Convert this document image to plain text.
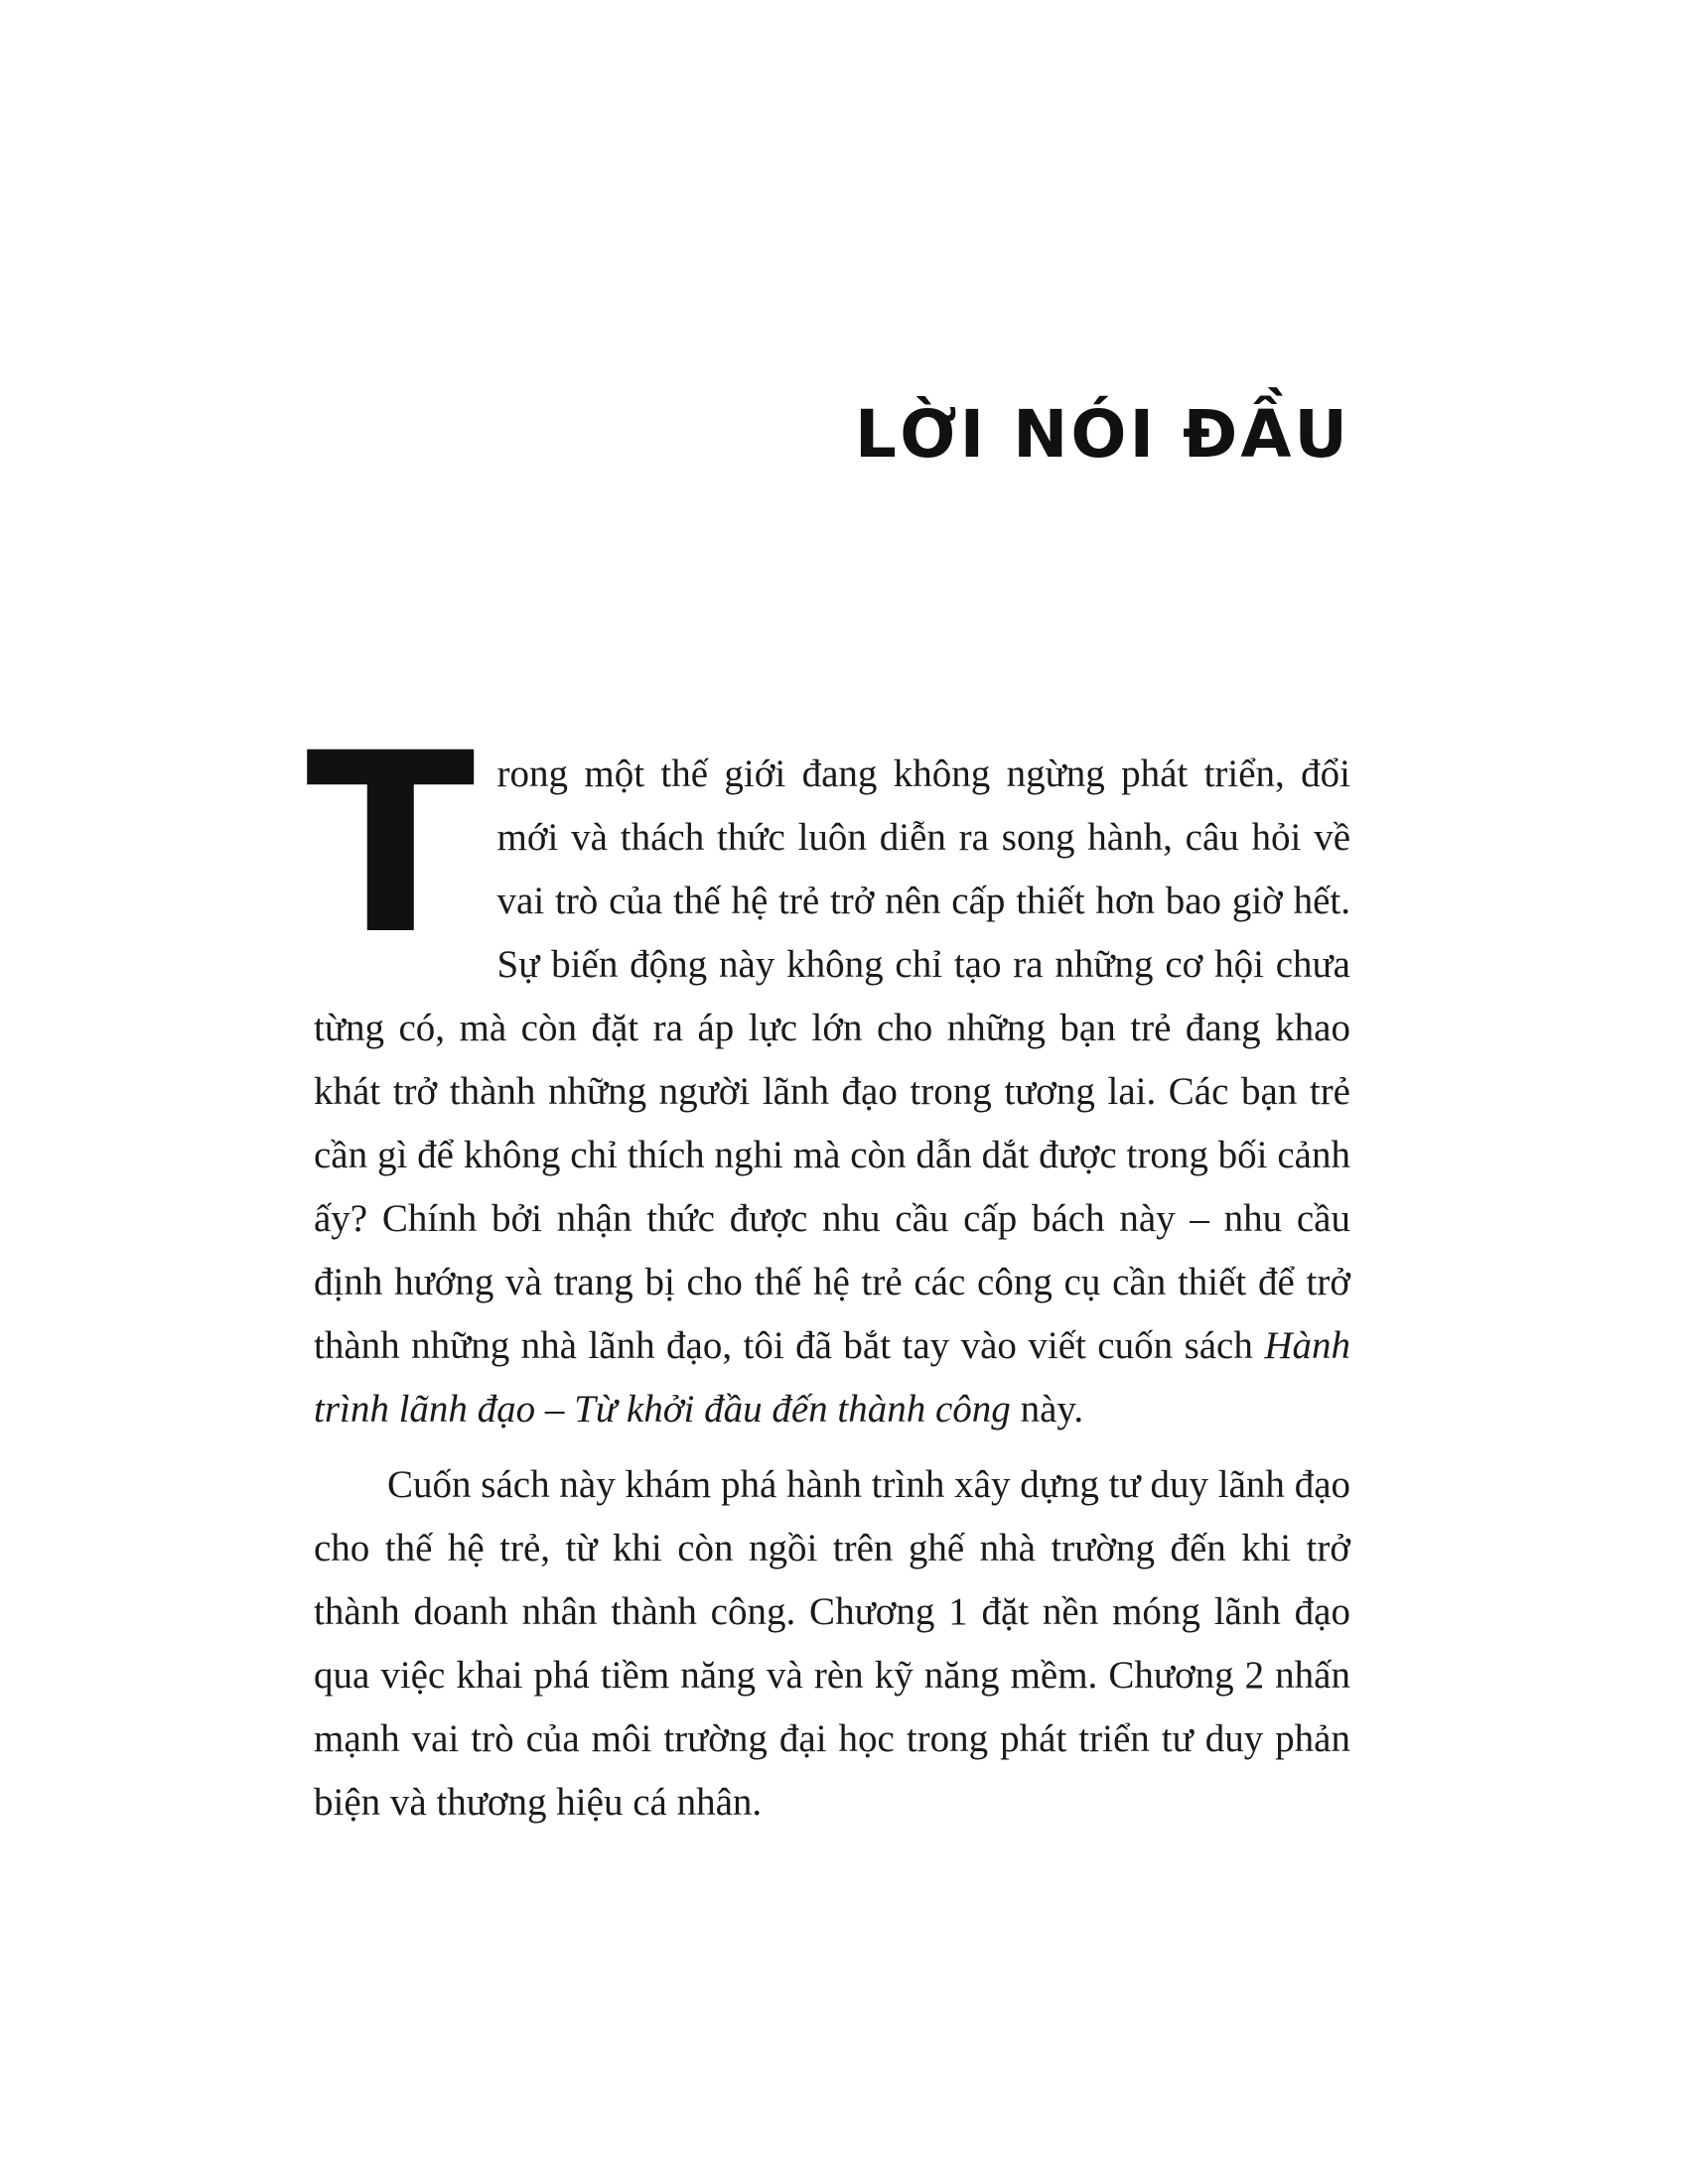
LỜI NÓI ĐẦU

Trong một thế giới đang không ngừng phát triển, đổi mới và thách thức luôn diễn ra song hành, câu hỏi về vai trò của thế hệ trẻ trở nên cấp thiết hơn bao giờ hết. Sự biến động này không chỉ tạo ra những cơ hội chưa từng có, mà còn đặt ra áp lực lớn cho những bạn trẻ đang khao khát trở thành những người lãnh đạo trong tương lai. Các bạn trẻ cần gì để không chỉ thích nghi mà còn dẫn dắt được trong bối cảnh ấy? Chính bởi nhận thức được nhu cầu cấp bách này – nhu cầu định hướng và trang bị cho thế hệ trẻ các công cụ cần thiết để trở thành những nhà lãnh đạo, tôi đã bắt tay vào viết cuốn sách Hành trình lãnh đạo – Từ khởi đầu đến thành công này.

Cuốn sách này khám phá hành trình xây dựng tư duy lãnh đạo cho thế hệ trẻ, từ khi còn ngồi trên ghế nhà trường đến khi trở thành doanh nhân thành công. Chương 1 đặt nền móng lãnh đạo qua việc khai phá tiềm năng và rèn kỹ năng mềm. Chương 2 nhấn mạnh vai trò của môi trường đại học trong phát triển tư duy phản biện và thương hiệu cá nhân.
